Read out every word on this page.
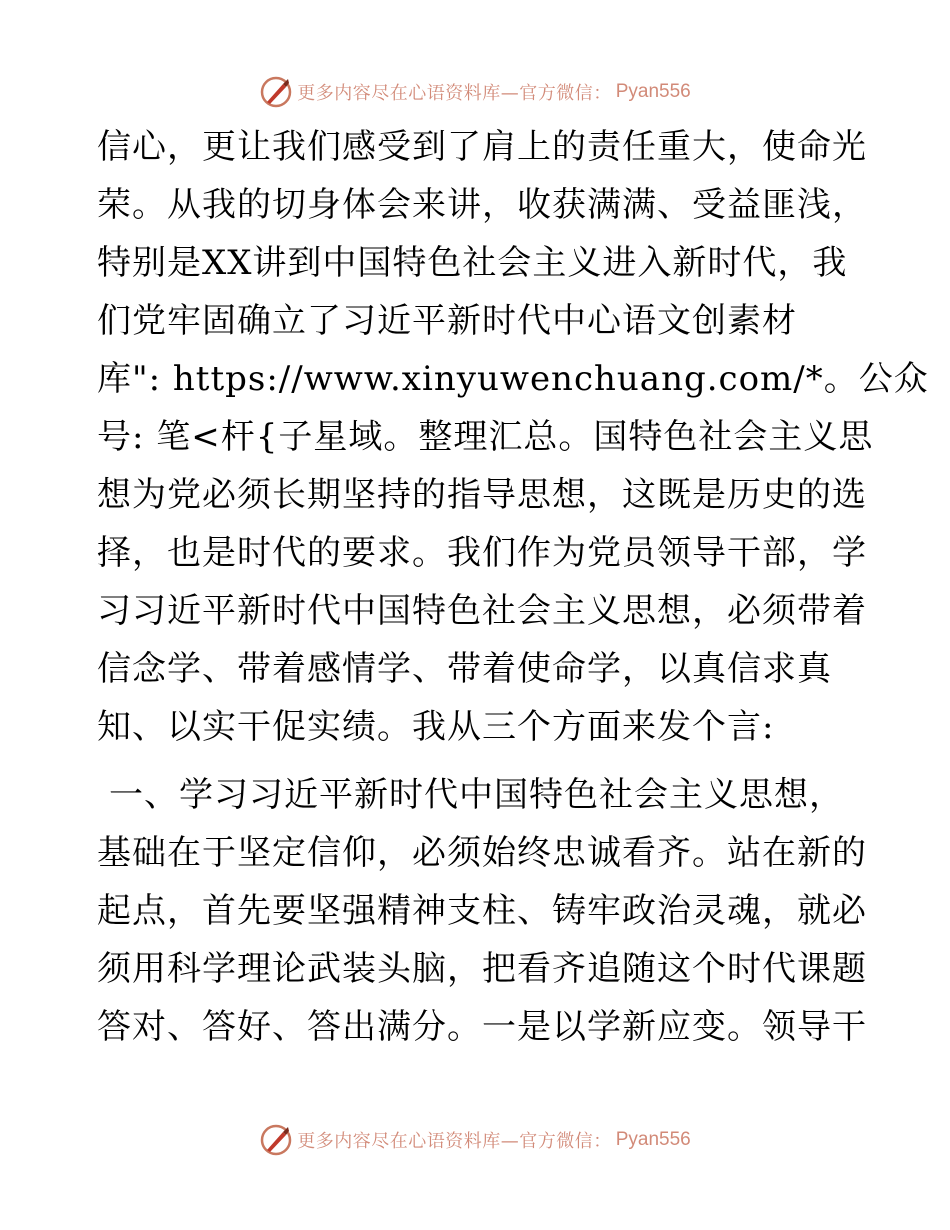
更多内容尽在心语资料库—官方微信： Pyan556
信心，更让我们感受到了肩上的责任重大，使命光
荣。从我的切身体会来讲，收获满满、受益匪浅，
特别是XX讲到中国特色社会主义进入新时代，我
们党牢固确立了习近平新时代中心语文创素材
库": https://www.xinyuwenchuang.com/*。公众
号: 笔<杆{子星域。整理汇总。国特色社会主义思
想为党必须长期坚持的指导思想，这既是历史的选
择，也是时代的要求。我们作为党员领导干部，学
习习近平新时代中国特色社会主义思想，必须带着
信念学、带着感情学、带着使命学，以真信求真
知、以实干促实绩。我从三个方面来发个言:
一、学习习近平新时代中国特色社会主义思想，
基础在于坚定信仰，必须始终忠诚看齐。站在新的
起点，首先要坚强精神支柱、铸牢政治灵魂，就必
须用科学理论武装头脑，把看齐追随这个时代课题
答对、答好、答出满分。一是以学新应变。领导干
更多内容尽在心语资料库—官方微信： Pyan556
